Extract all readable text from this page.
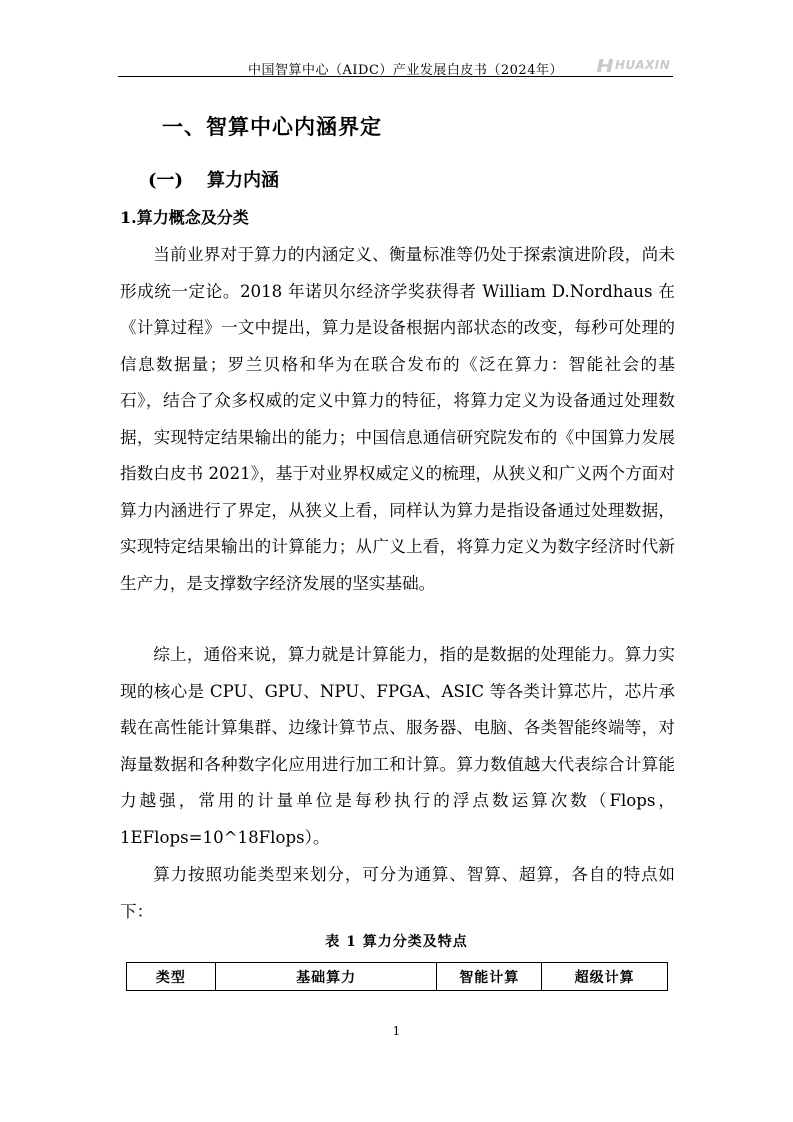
中国智算中心（AIDC）产业发展白皮书（2024年）	HUAXIN
一、智算中心内涵界定
(一) 算力内涵
1.算力概念及分类

当前业界对于算力的内涵定义、衡量标准等仍处于探索演进阶段，尚未形成统一定论。2018 年诺贝尔经济学奖获得者 William D.Nordhaus 在《计算过程》一文中提出，算力是设备根据内部状态的改变，每秒可处理的信息数据量；罗兰贝格和华为在联合发布的《泛在算力：智能社会的基石》，结合了众多权威的定义中算力的特征，将算力定义为设备通过处理数据，实现特定结果输出的能力；中国信息通信研究院发布的《中国算力发展指数白皮书 2021》，基于对业界权威定义的梳理，从狭义和广义两个方面对算力内涵进行了界定，从狭义上看，同样认为算力是指设备通过处理数据，实现特定结果输出的计算能力；从广义上看，将算力定义为数字经济时代新生产力，是支撑数字经济发展的坚实基础。

综上，通俗来说，算力就是计算能力，指的是数据的处理能力。算力实现的核心是 CPU、GPU、NPU、FPGA、ASIC 等各类计算芯片，芯片承载在高性能计算集群、边缘计算节点、服务器、电脑、各类智能终端等，对海量数据和各种数字化应用进行加工和计算。算力数值越大代表综合计算能力越强，常用的计量单位是每秒执行的浮点数运算次数（Flops，1EFlops=10^18Flops）。

算力按照功能类型来划分，可分为通算、智算、超算，各自的特点如下：

表 1 算力分类及特点
类型	基础算力	智能计算	超级计算
1
